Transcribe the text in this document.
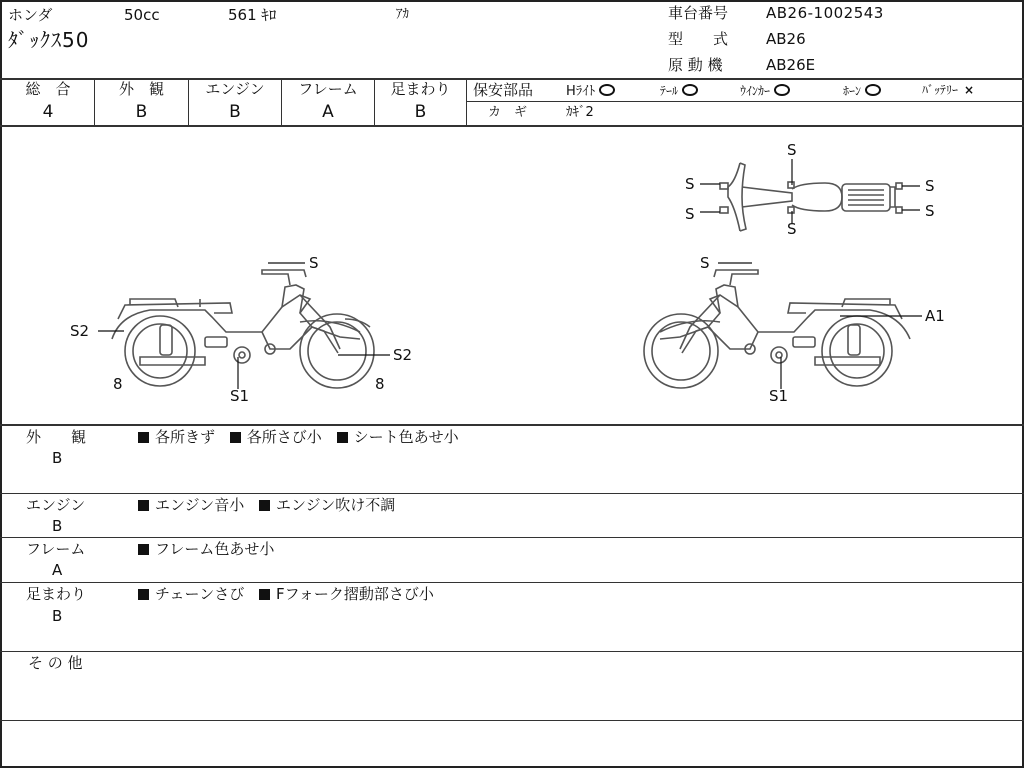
ホンダ	50cc	561 ｷﾛ	ｱｶ
ﾀﾞｯｸｽ50
車台番号	AB26-1002543
型　　式	AB26
原 動 機	AB26E
総　合
4
外　観
B
エンジン
B
フレーム
A
足まわり
B
保安部品	Hﾗｲﾄ	ﾃｰﾙ	ｳｲﾝｶｰ	ﾎｰﾝ	ﾊﾞｯﾃﾘｰ ×
カ　ギ	ｶｷﾞ2
S
S
S
S
S
S
S
S2
S2
S1
8	8
S
A1
S1
外　　観
B
各所きず 各所さび小 シート色あせ小
エンジン
B
エンジン音小 エンジン吹け不調
フレーム
A
フレーム色あせ小
足まわり
B
チェーンさび Fフォーク摺動部さび小
そ の 他
